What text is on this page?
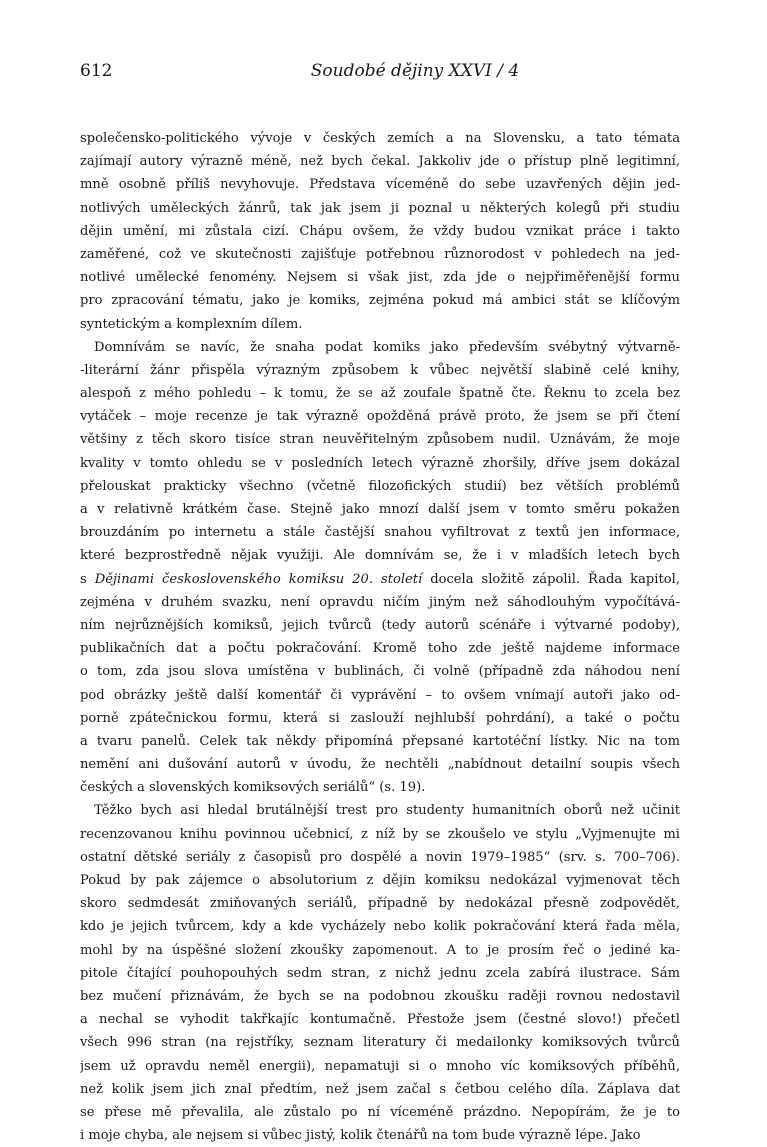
612	Soudobé dějiny XXVI / 4
společensko-politického vývoje v českých zemích a na Slovensku, a tato témata
zajímají autory výrazně méně, než bych čekal. Jakkoliv jde o přístup plně legitimní,
mně osobně příliš nevyhovuje. Představa víceméně do sebe uzavřených dějin jed-
notlivých uměleckých žánrů, tak jak jsem ji poznal u některých kolegů při studiu
dějin umění, mi zůstala cizí. Chápu ovšem, že vždy budou vznikat práce i takto
zaměřené, což ve skutečnosti zajišťuje potřebnou různorodost v pohledech na jed-
notlivé umělecké fenomény. Nejsem si však jist, zda jde o nejpřiměřenější formu
pro zpracování tématu, jako je komiks, zejména pokud má ambici stát se klíčovým
syntetickým a komplexním dílem.
Domnívám se navíc, že snaha podat komiks jako především svébytný výtvarně-
-literární žánr přispěla výrazným způsobem k vůbec největší slabině celé knihy,
alespoň z mého pohledu – k tomu, že se až zoufale špatně čte. Řeknu to zcela bez
vytáček – moje recenze je tak výrazně opožděná právě proto, že jsem se při čtení
většiny z těch skoro tisíce stran neuvěřitelným způsobem nudil. Uznávám, že moje
kvality v tomto ohledu se v posledních letech výrazně zhoršily, dříve jsem dokázal
přelouskat prakticky všechno (včetně filozofických studií) bez větších problémů
a v relativně krátkém čase. Stejně jako mnozí další jsem v tomto směru pokažen
brouzdáním po internetu a stále častější snahou vyfiltrovat z textů jen informace,
které bezprostředně nějak využiji. Ale domnívám se, že i v mladších letech bych
s Dějinami československého komiksu 20. století docela složitě zápolil. Řada kapitol,
zejména v druhém svazku, není opravdu ničím jiným než sáhodlouhým vypočítává-
ním nejrůznějších komiksů, jejich tvůrců (tedy autorů scénáře i výtvarné podoby),
publikačních dat a počtu pokračování. Kromě toho zde ještě najdeme informace
o tom, zda jsou slova umístěna v bublinách, či volně (případně zda náhodou není
pod obrázky ještě další komentář či vyprávění – to ovšem vnímají autoři jako od-
porně zpátečnickou formu, která si zaslouží nejhlubší pohrdání), a také o počtu
a tvaru panelů. Celek tak někdy připomíná přepsané kartotéční lístky. Nic na tom
nemění ani dušování autorů v úvodu, že nechtěli „nabídnout detailní soupis všech
českých a slovenských komiksových seriálů“ (s. 19).
Těžko bych asi hledal brutálnější trest pro studenty humanitních oborů než učinit
recenzovanou knihu povinnou učebnicí, z níž by se zkoušelo ve stylu „Vyjmenujte mi
ostatní dětské seriály z časopisů pro dospělé a novin 1979–1985“ (srv. s. 700–706).
Pokud by pak zájemce o absolutorium z dějin komiksu nedokázal vyjmenovat těch
skoro sedmdesát zmiňovaných seriálů, případně by nedokázal přesně zodpovědět,
kdo je jejich tvůrcem, kdy a kde vycházely nebo kolik pokračování která řada měla,
mohl by na úspěšné složení zkoušky zapomenout. A to je prosím řeč o jediné ka-
pitole čítající pouhopouhých sedm stran, z nichž jednu zcela zabírá ilustrace. Sám
bez mučení přiznávám, že bych se na podobnou zkoušku raději rovnou nedostavil
a nechal se vyhodit takřkajíc kontumačně. Přestože jsem (čestné slovo!) přečetl
všech 996 stran (na rejstříky, seznam literatury či medailonky komiksových tvůrců
jsem už opravdu neměl energii), nepamatuji si o mnoho víc komiksových příběhů,
než kolik jsem jich znal předtím, než jsem začal s četbou celého díla. Záplava dat
se přese mě převalila, ale zůstalo po ní víceméně prázdno. Nepopírám, že je to
i moje chyba, ale nejsem si vůbec jistý, kolik čtenářů na tom bude výrazně lépe. Jako
